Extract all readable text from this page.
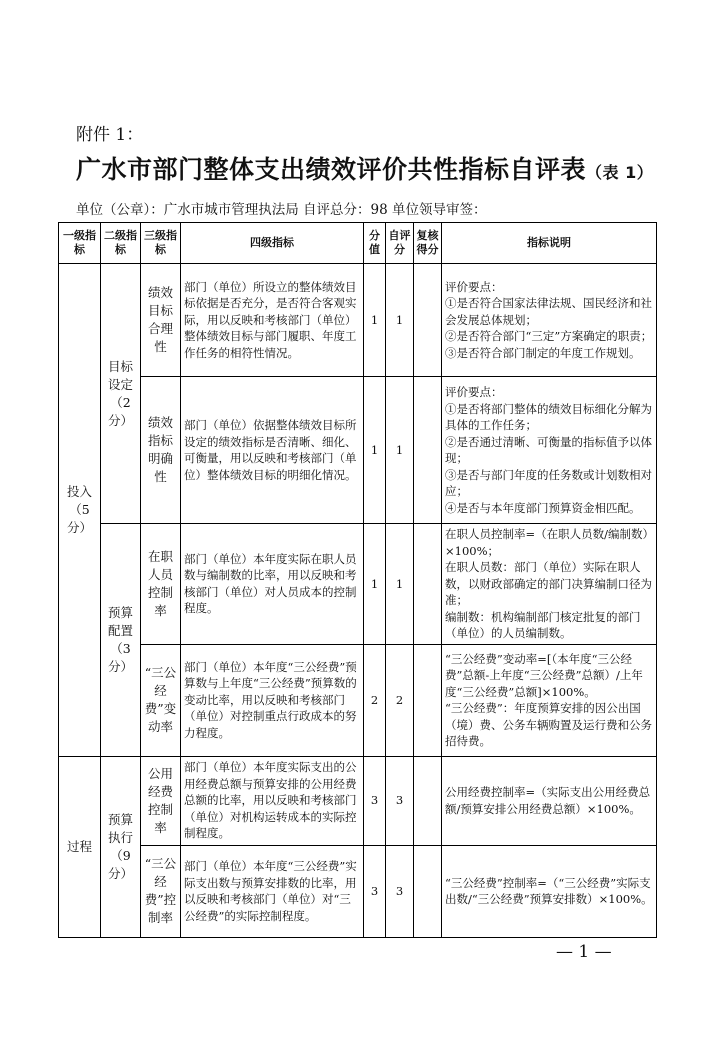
附件 1：
广水市部门整体支出绩效评价共性指标自评表（表 1）
单位（公章）：广水市城市管理执法局 自评总分：98 单位领导审签：
一级指标	二级指标	三级指标	四级指标	分值	自评分	复核得分	指标说明
投入（5分）	目标设定（2分）	绩效目标合理性	部门（单位）所设立的整体绩效目标依据是否充分，是否符合客观实际，用以反映和考核部门（单位）整体绩效目标与部门履职、年度工作任务的相符性情况。	1	1		评价要点：
①是否符合国家法律法规、国民经济和社会发展总体规划；
②是否符合部门“三定”方案确定的职责；
③是否符合部门制定的年度工作规划。
		绩效指标明确性	部门（单位）依据整体绩效目标所设定的绩效指标是否清晰、细化、可衡量，用以反映和考核部门（单位）整体绩效目标的明细化情况。	1	1		评价要点：
①是否将部门整体的绩效目标细化分解为具体的工作任务；
②是否通过清晰、可衡量的指标值予以体现；
③是否与部门年度的任务数或计划数相对应；
④是否与本年度部门预算资金相匹配。
	预算配置（3分）	在职人员控制率	部门（单位）本年度实际在职人员数与编制数的比率，用以反映和考核部门（单位）对人员成本的控制程度。	1	1		在职人员控制率=（在职人员数/编制数）×100%；
在职人员数：部门（单位）实际在职人数，以财政部确定的部门决算编制口径为准；
编制数：机构编制部门核定批复的部门（单位）的人员编制数。
		“三公经费”变动率	部门（单位）本年度“三公经费”预算数与上年度“三公经费”预算数的变动比率，用以反映和考核部门（单位）对控制重点行政成本的努力程度。	2	2		“三公经费”变动率=[（本年度“三公经费”总额-上年度“三公经费”总额）/上年度“三公经费”总额]×100%。
“三公经费”：年度预算安排的因公出国（境）费、公务车辆购置及运行费和公务招待费。
过程	预算执行（9分）	公用经费控制率	部门（单位）本年度实际支出的公用经费总额与预算安排的公用经费总额的比率，用以反映和考核部门（单位）对机构运转成本的实际控制程度。	3	3		公用经费控制率=（实际支出公用经费总额/预算安排公用经费总额）×100%。
		“三公经费”控制率	部门（单位）本年度“三公经费”实际支出数与预算安排数的比率，用以反映和考核部门（单位）对“三公经费”的实际控制程度。	3	3		“三公经费”控制率=（“三公经费”实际支出数/“三公经费”预算安排数）×100%。
— 1 —
